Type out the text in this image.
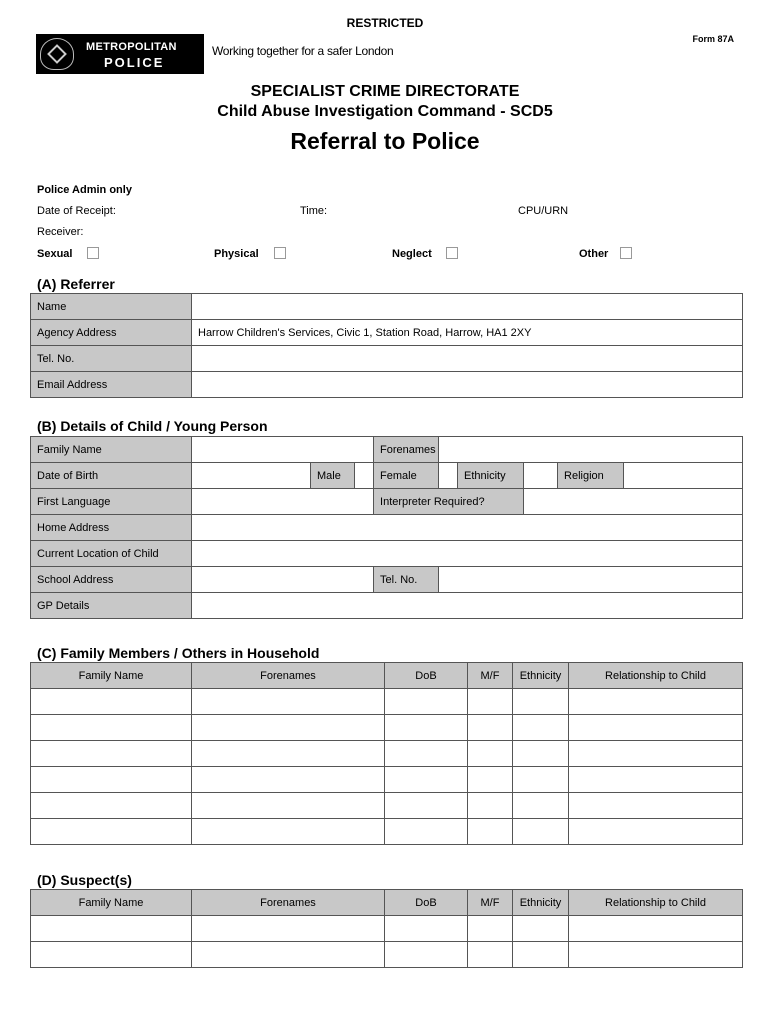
RESTRICTED
Form 87A
METROPOLITAN
POLICE
Working together for a safer London
SPECIALIST CRIME DIRECTORATE
Child Abuse Investigation Command - SCD5
Referral to Police
Police Admin only
Date of Receipt:	Time:	CPU/URN
Receiver:
Sexual	Physical	Neglect	Other
(A) Referrer
Name	
Agency Address	Harrow Children's Services, Civic 1, Station Road, Harrow, HA1 2XY
Tel. No.	
Email Address	
(B) Details of Child / Young Person
Family Name				Forenames					
Date of Birth		Male		Female		Ethnicity		Religion	
First Language				Interpreter Required?					
Home Address									
Current Location of Child									
School Address				Tel. No.					
GP Details									
(C) Family Members / Others in Household
Family Name	Forenames	DoB	M/F	Ethnicity	Relationship to Child

(D) Suspect(s)
Family Name	Forenames	DoB	M/F	Ethnicity	Relationship to Child
